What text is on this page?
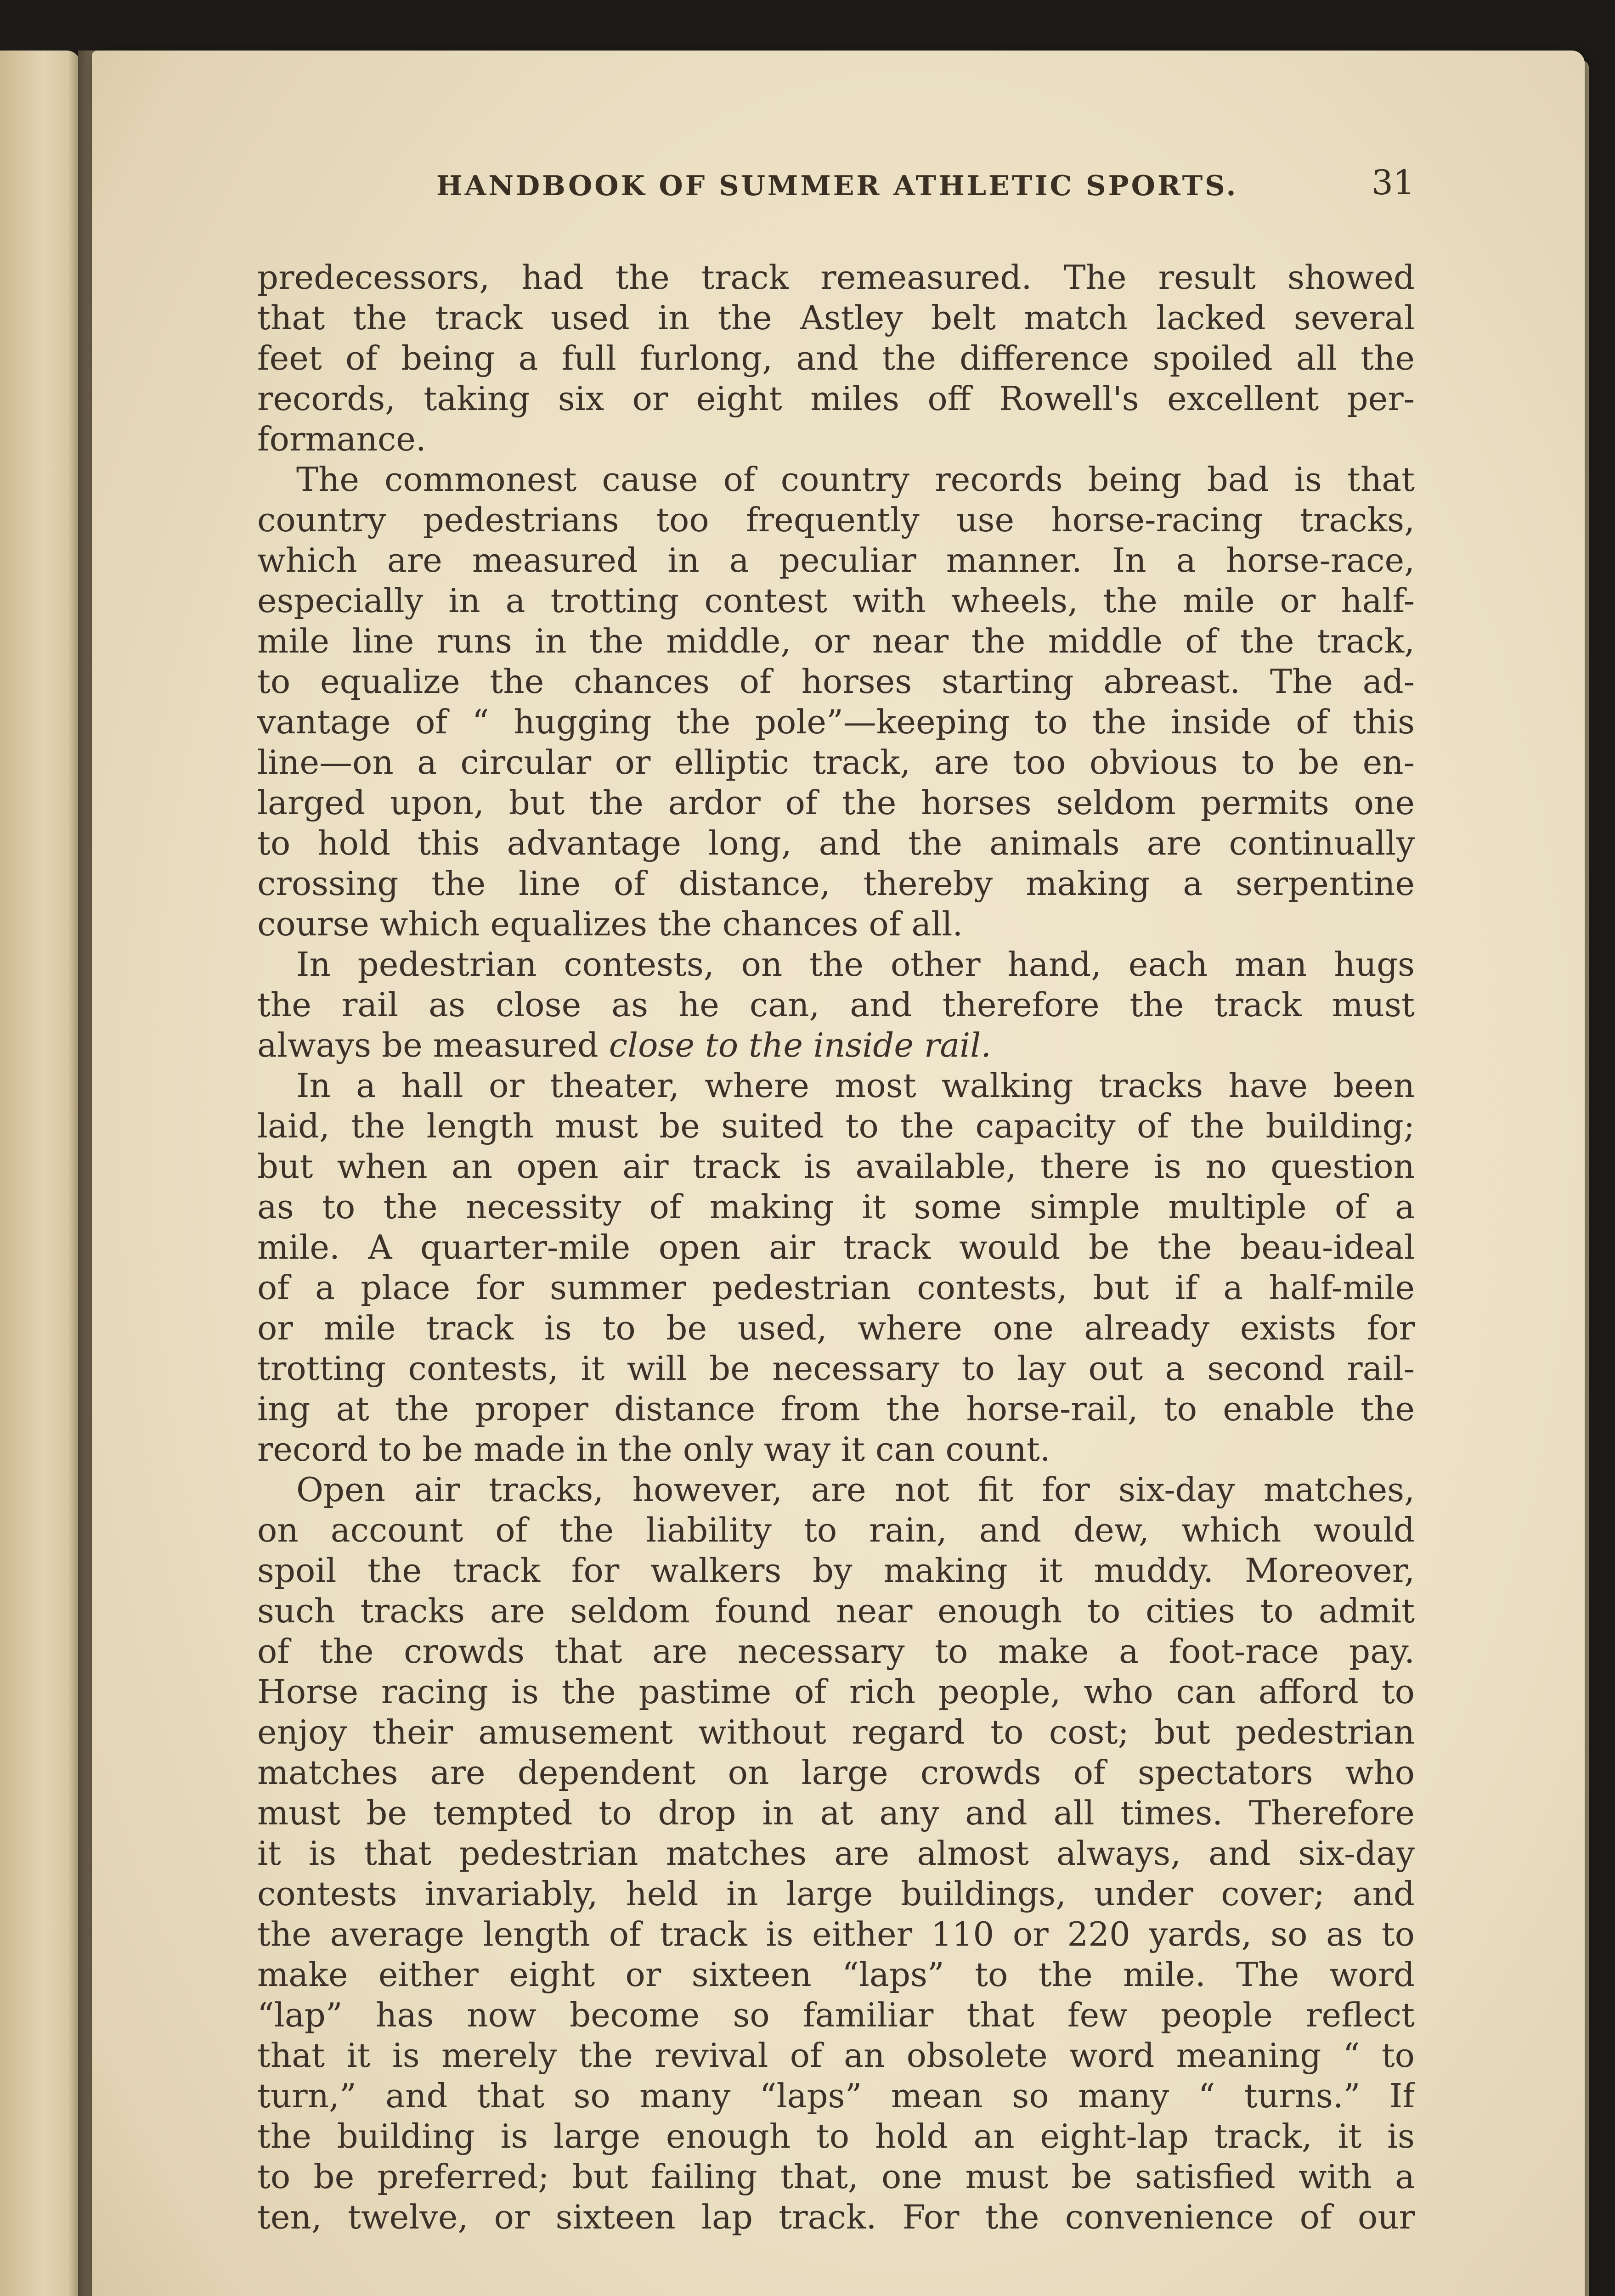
HANDBOOK OF SUMMER ATHLETIC SPORTS.	31
predecessors, had the track remeasured. The result showed
that the track used in the Astley belt match lacked several
feet of being a full furlong, and the difference spoiled all the
records, taking six or eight miles off Rowell's excellent per-
formance.
The commonest cause of country records being bad is that
country pedestrians too frequently use horse-racing tracks,
which are measured in a peculiar manner. In a horse-race,
especially in a trotting contest with wheels, the mile or half-
mile line runs in the middle, or near the middle of the track,
to equalize the chances of horses starting abreast. The ad-
vantage of “ hugging the pole”—keeping to the inside of this
line—on a circular or elliptic track, are too obvious to be en-
larged upon, but the ardor of the horses seldom permits one
to hold this advantage long, and the animals are continually
crossing the line of distance, thereby making a serpentine
course which equalizes the chances of all.
In pedestrian contests, on the other hand, each man hugs
the rail as close as he can, and therefore the track must
always be measured close to the inside rail.
In a hall or theater, where most walking tracks have been
laid, the length must be suited to the capacity of the building;
but when an open air track is available, there is no question
as to the necessity of making it some simple multiple of a
mile. A quarter-mile open air track would be the beau-ideal
of a place for summer pedestrian contests, but if a half-mile
or mile track is to be used, where one already exists for
trotting contests, it will be necessary to lay out a second rail-
ing at the proper distance from the horse-rail, to enable the
record to be made in the only way it can count.
Open air tracks, however, are not fit for six-day matches,
on account of the liability to rain, and dew, which would
spoil the track for walkers by making it muddy. Moreover,
such tracks are seldom found near enough to cities to admit
of the crowds that are necessary to make a foot-race pay.
Horse racing is the pastime of rich people, who can afford to
enjoy their amusement without regard to cost; but pedestrian
matches are dependent on large crowds of spectators who
must be tempted to drop in at any and all times. Therefore
it is that pedestrian matches are almost always, and six-day
contests invariably, held in large buildings, under cover; and
the average length of track is either 110 or 220 yards, so as to
make either eight or sixteen “laps” to the mile. The word
“lap” has now become so familiar that few people reflect
that it is merely the revival of an obsolete word meaning “ to
turn,” and that so many “laps” mean so many “ turns.” If
the building is large enough to hold an eight-lap track, it is
to be preferred; but failing that, one must be satisfied with a
ten, twelve, or sixteen lap track. For the convenience of our
